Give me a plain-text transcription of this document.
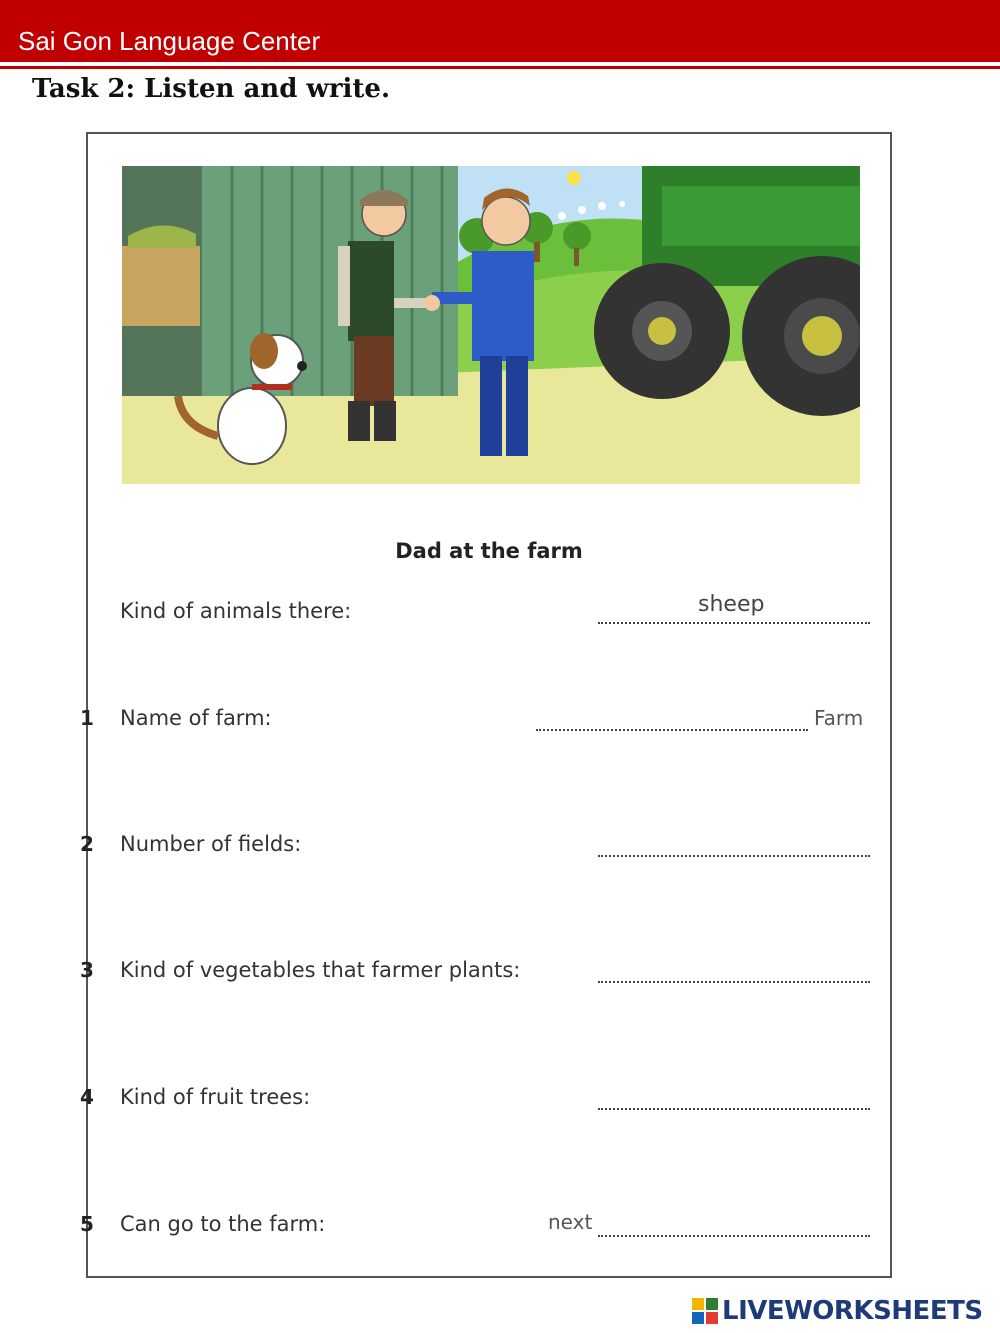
Sai Gon Language Center
Task 2: Listen and write.
Dad at the farm
Kind of animals there:	sheep
1 Name of farm:	Farm
2 Number of fields:
3 Kind of vegetables that farmer plants:
4 Kind of fruit trees:
5 Can go to the farm:	next
LIVEWORKSHEETS
